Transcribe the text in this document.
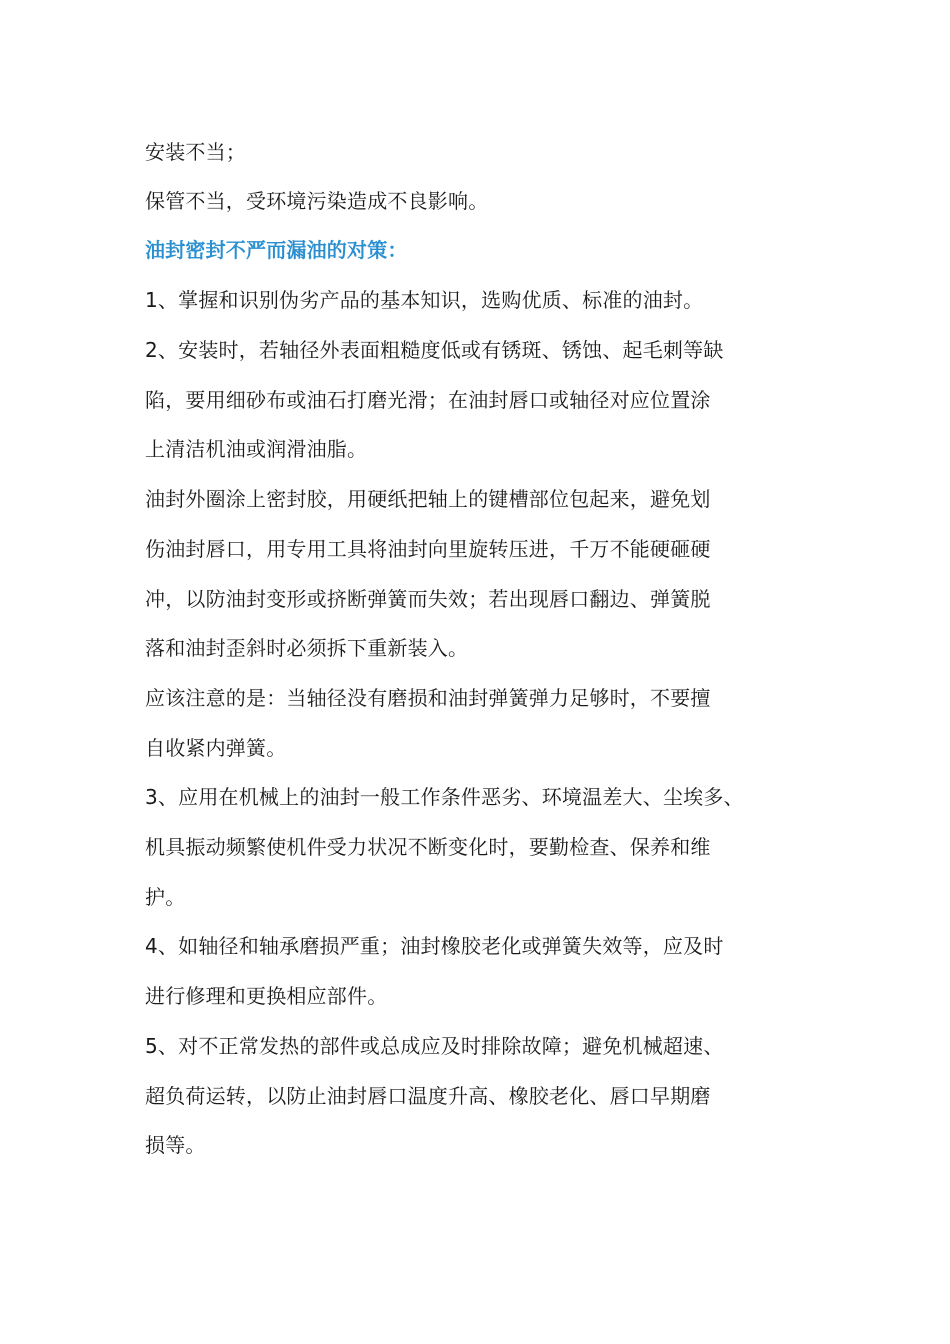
安装不当；
保管不当，受环境污染造成不良影响。
油封密封不严而漏油的对策：
1、掌握和识别伪劣产品的基本知识，选购优质、标准的油封。
2、安装时，若轴径外表面粗糙度低或有锈斑、锈蚀、起毛刺等缺
陷，要用细砂布或油石打磨光滑；在油封唇口或轴径对应位置涂
上清洁机油或润滑油脂。
油封外圈涂上密封胶，用硬纸把轴上的键槽部位包起来，避免划
伤油封唇口，用专用工具将油封向里旋转压进，千万不能硬砸硬
冲，以防油封变形或挤断弹簧而失效；若出现唇口翻边、弹簧脱
落和油封歪斜时必须拆下重新装入。
应该注意的是：当轴径没有磨损和油封弹簧弹力足够时，不要擅
自收紧内弹簧。
3、应用在机械上的油封一般工作条件恶劣、环境温差大、尘埃多、
机具振动频繁使机件受力状况不断变化时，要勤检查、保养和维
护。
4、如轴径和轴承磨损严重；油封橡胶老化或弹簧失效等，应及时
进行修理和更换相应部件。
5、对不正常发热的部件或总成应及时排除故障；避免机械超速、
超负荷运转，以防止油封唇口温度升高、橡胶老化、唇口早期磨
损等。
